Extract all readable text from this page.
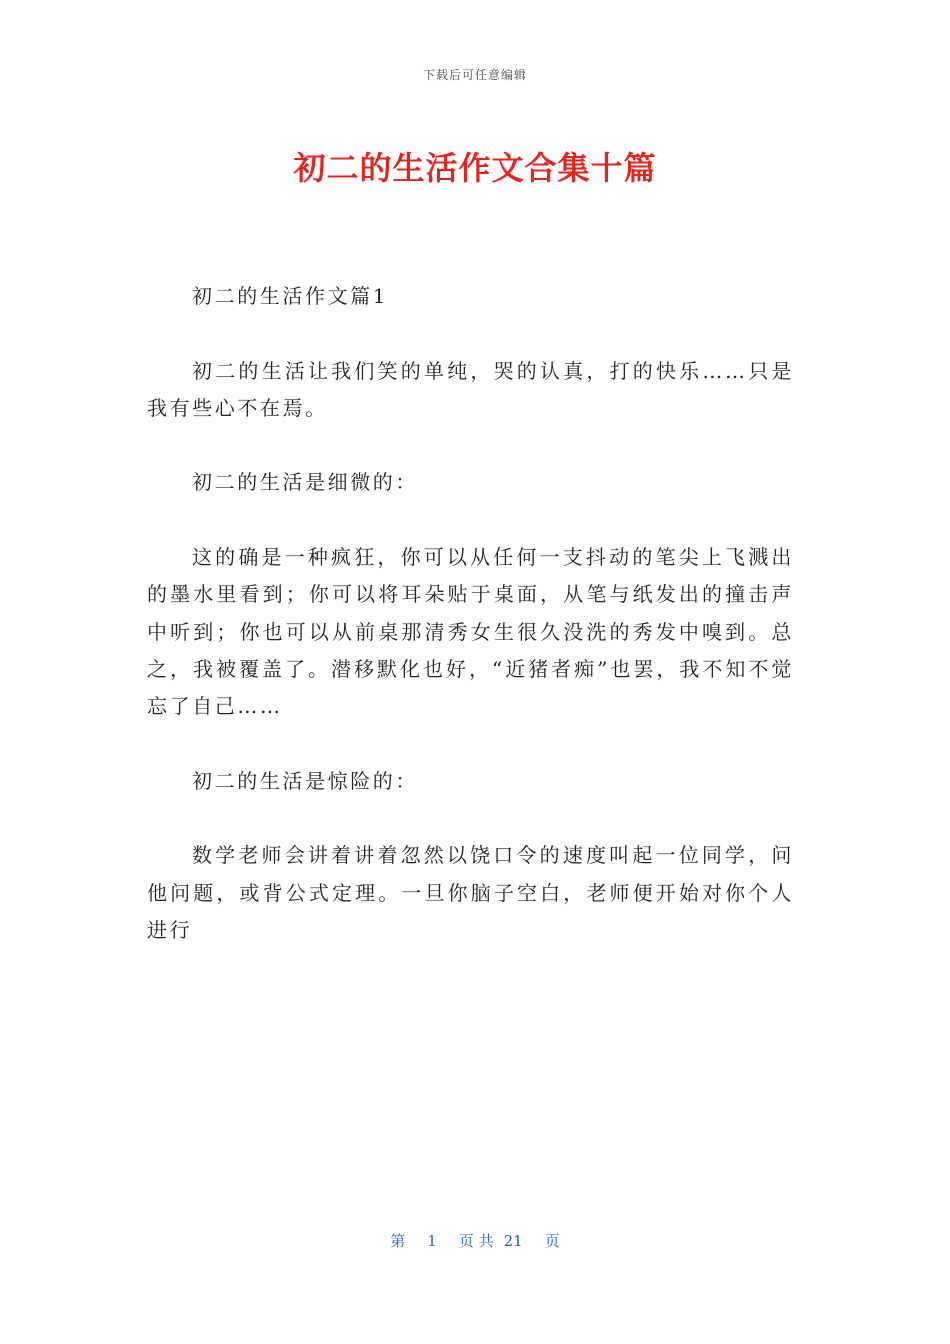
下载后可任意编辑
初二的生活作文合集十篇

初二的生活作文篇1

初二的生活让我们笑的单纯，哭的认真，打的快乐……只是我有些心不在焉。

初二的生活是细微的：

这的确是一种疯狂，你可以从任何一支抖动的笔尖上飞溅出的墨水里看到；你可以将耳朵贴于桌面，从笔与纸发出的撞击声中听到；你也可以从前桌那清秀女生很久没洗的秀发中嗅到。总之，我被覆盖了。潜移默化也好，“近猪者痴”也罢，我不知不觉忘了自己……

初二的生活是惊险的：

数学老师会讲着讲着忽然以饶口令的速度叫起一位同学，问他问题，或背公式定理。一旦你脑子空白，老师便开始对你个人进行

第 1 页 共 21 页
